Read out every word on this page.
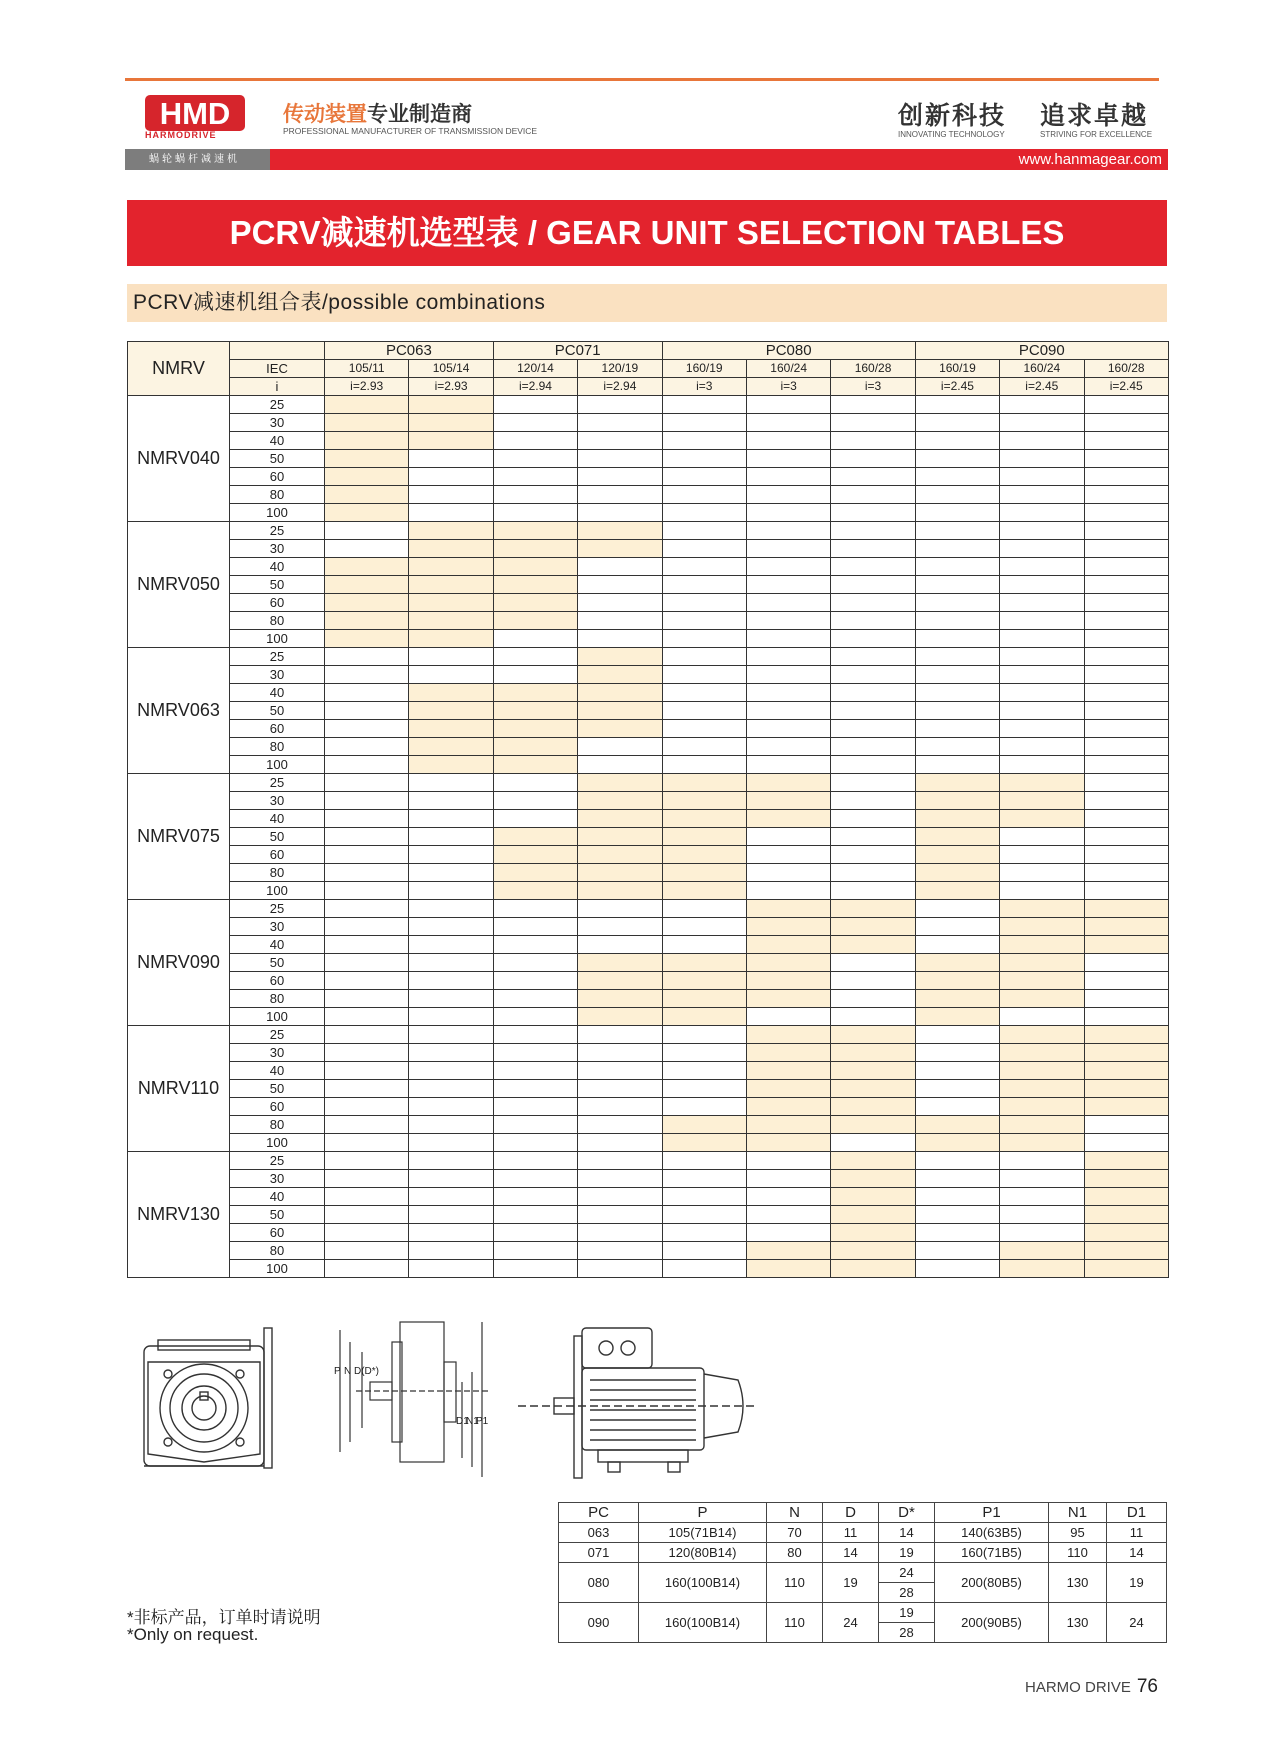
HMD
HARMODRIVE
传动装置专业制造商
PROFESSIONAL MANUFACTURER OF TRANSMISSION DEVICE
创新科技
INNOVATING TECHNOLOGY
追求卓越
STRIVING FOR EXCELLENCE
蜗轮蜗杆减速机	www.hanmagear.com
PCRV减速机选型表 / GEAR UNIT SELECTION TABLES
PCRV减速机组合表/possible combinations
NMRV		PC063		PC071		PC080			PC090		
	IEC	105/11	105/14	120/14	120/19	160/19	160/24	160/28	160/19	160/24	160/28
	i	i=2.93	i=2.93	i=2.94	i=2.94	i=3	i=3	i=3	i=2.45	i=2.45	i=2.45
NMRV040	25										
	30										
	40										
	50										
	60										
	80										
	100										
NMRV050	25										
	30										
	40										
	50										
	60										
	80										
	100										
NMRV063	25										
	30										
	40										
	50										
	60										
	80										
	100										
NMRV075	25										
	30										
	40										
	50										
	60										
	80										
	100										
NMRV090	25										
	30										
	40										
	50										
	60										
	80										
	100										
NMRV110	25										
	30										
	40										
	50										
	60										
	80										
	100										
NMRV130	25										
	30										
	40										
	50										
	60										
	80										
	100										
P N D(D*)
D1
N1
P1
PC	P	N	D	D*	P1	N1	D1
063	105(71B14)	70	11	14	140(63B5)	95	11
071	120(80B14)	80	14	19	160(71B5)	110	14
080	160(100B14)	110	19	24	200(80B5)	130	19
				28			
090	160(100B14)	110	24	19	200(90B5)	130	24
				28			
*非标产品，订单时请说明
*Only on request.
HARMO DRIVE 76
